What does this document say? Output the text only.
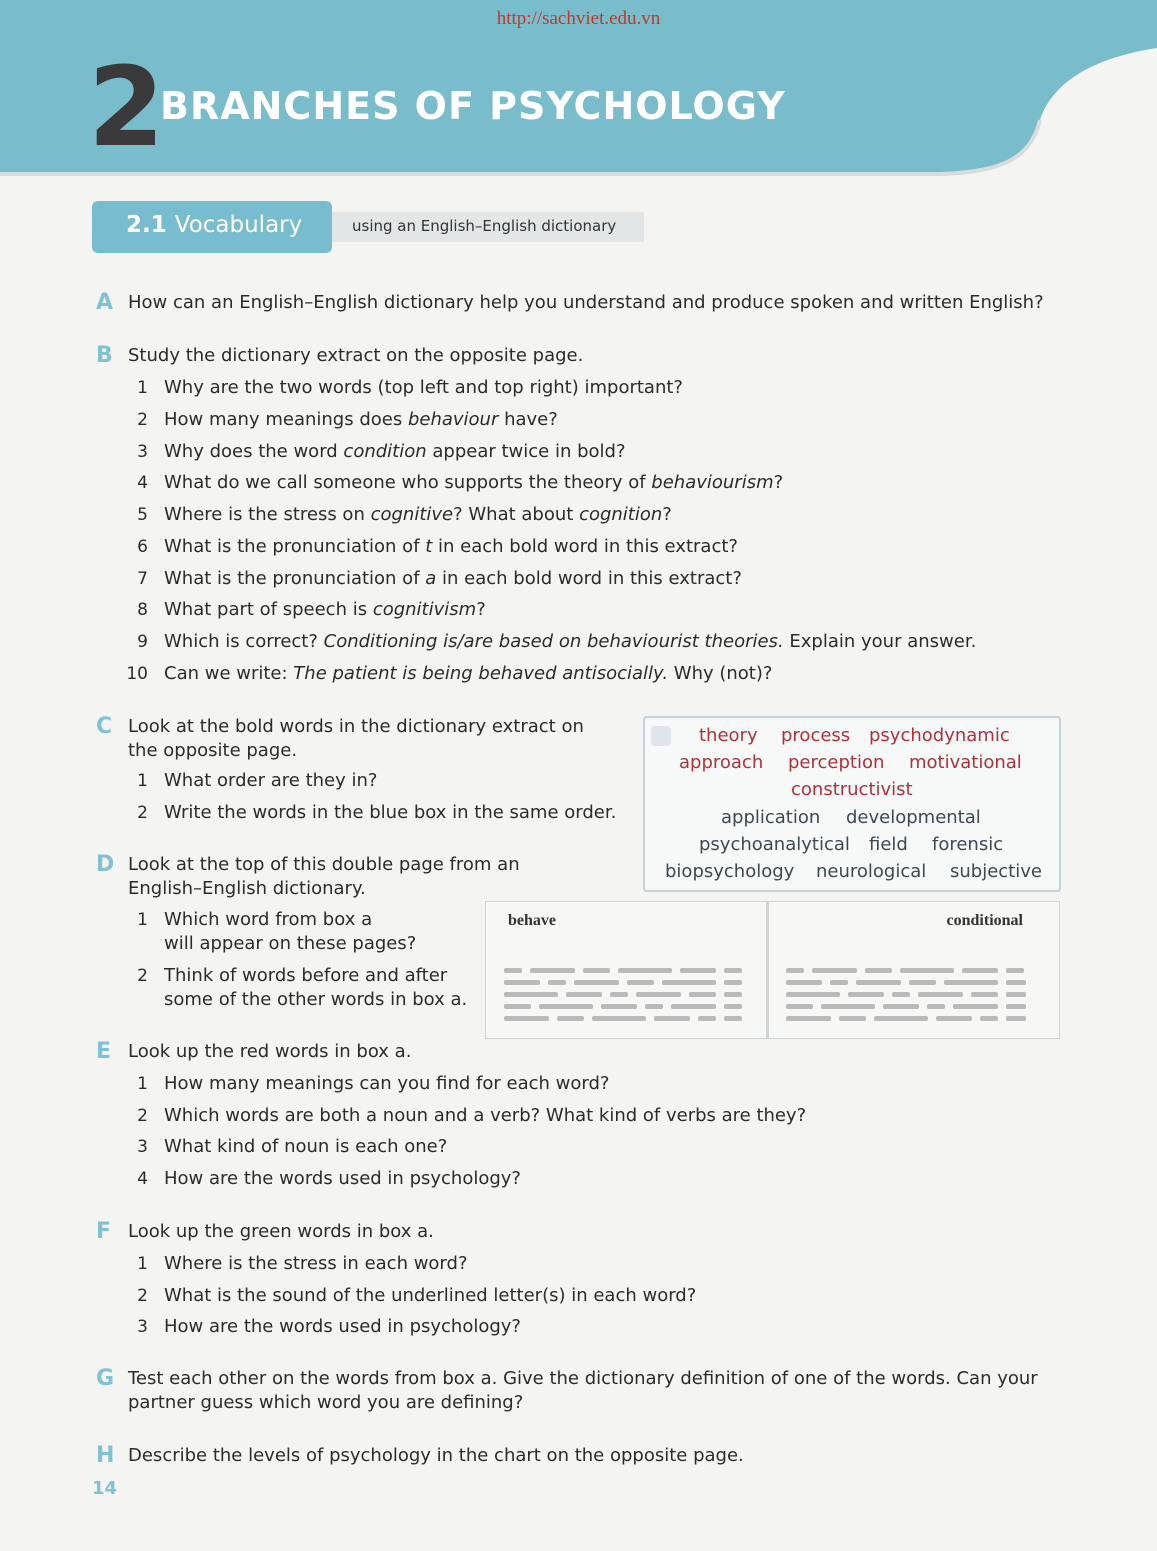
http://sachviet.edu.vn
2 BRANCHES OF PSYCHOLOGY
2.1 Vocabulary	using an English–English dictionary
A How can an English–English dictionary help you understand and produce spoken and written English?
B Study the dictionary extract on the opposite page.
1 Why are the two words (top left and top right) important?
2 How many meanings does behaviour have?
3 Why does the word condition appear twice in bold?
4 What do we call someone who supports the theory of behaviourism?
5 Where is the stress on cognitive? What about cognition?
6 What is the pronunciation of t in each bold word in this extract?
7 What is the pronunciation of a in each bold word in this extract?
8 What part of speech is cognitivism?
9 Which is correct? Conditioning is/are based on behaviourist theories. Explain your answer.
10 Can we write: The patient is being behaved antisocially. Why (not)?
C Look at the bold words in the dictionary extract on
the opposite page.
1 What order are they in?
2 Write the words in the blue box in the same order.
theory process psychodynamic
approach perception motivational
constructivist
application developmental
psychoanalytical field forensic
biopsychology neurological subjective
D Look at the top of this double page from an
English–English dictionary.
1 Which word from box a
will appear on these pages?
2 Think of words before and after
some of the other words in box a.
behave	conditional
E Look up the red words in box a.
1 How many meanings can you find for each word?
2 Which words are both a noun and a verb? What kind of verbs are they?
3 What kind of noun is each one?
4 How are the words used in psychology?
F Look up the green words in box a.
1 Where is the stress in each word?
2 What is the sound of the underlined letter(s) in each word?
3 How are the words used in psychology?
G Test each other on the words from box a. Give the dictionary definition of one of the words. Can your
partner guess which word you are defining?
H Describe the levels of psychology in the chart on the opposite page.
14
